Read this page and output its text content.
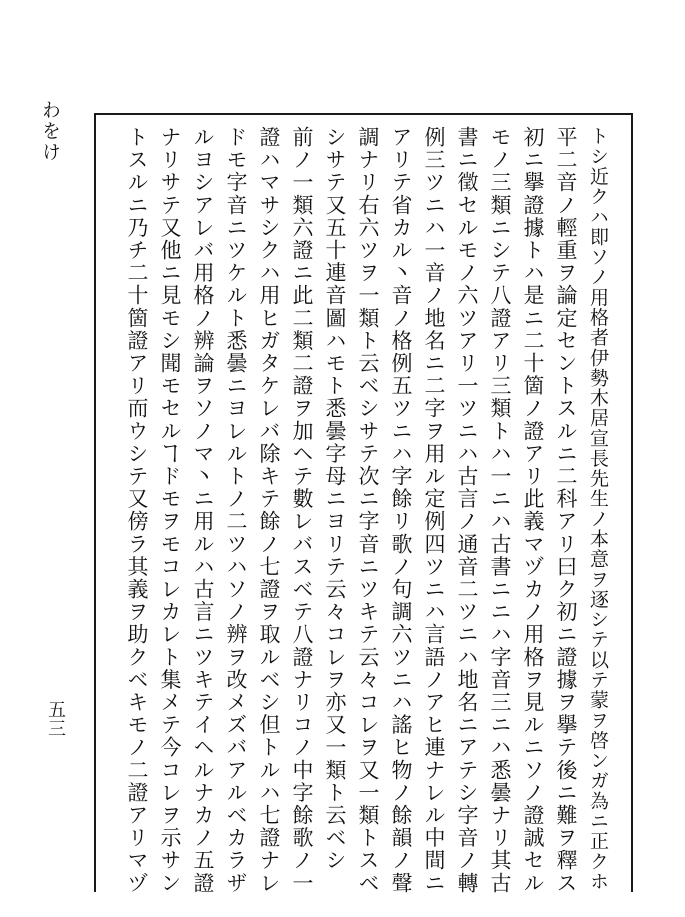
わをけ
五三	トシ近クハ即ソノ用格者伊勢木居宣長先生ノ本意ヲ逐シテ以テ蒙ヲ啓ンガ為ニ正クホ
平二音ノ輕重ヲ論定セントスルニ二科アリ曰ク初ニ證據ヲ擧テ後ニ難ヲ釋ス
初ニ擧證據トハ是ニ二十箇ノ證アリ此義マヅカノ用格ヲ見ルニソノ證誠セル
モノ三類ニシテ八證アリ三類トハ一ニハ古書ニニハ字音三ニハ悉曇ナリ其古
書ニ徵セルモノ六ツアリ一ツニハ古言ノ通音二ツニハ地名ニアテシ字音ノ轉
例三ツニハ一音ノ地名ニ二字ヲ用ル定例四ツニハ言語ノアヒ連ナレル中間ニ
アリテ省カル丶音ノ格例五ツニハ字餘リ歌ノ句調六ツニハ謠ヒ物ノ餘韻ノ聲
調ナリ右六ツヲ一類ト云ベシサテ次ニ字音ニツキテ云々コレヲ又一類トスベ
シサテ又五十連音圖ハモト悉曇字母ニヨリテ云々コレヲ亦又一類ト云ベシ
前ノ一類六證ニ此二類二證ヲ加ヘテ數レバスベテ八證ナリコノ中字餘歌ノ一
證ハマサシクハ用ヒガタケレバ除キテ餘ノ七證ヲ取ルベシ但トルハ七證ナレ
ドモ字音ニツケルト悉曇ニヨレルトノ二ツハソノ辨ヲ改メズバアルベカラザ
ルヨシアレバ用格ノ辨論ヲソノマ丶ニ用ルハ古言ニツキテイヘルナカノ五證
ナリサテ又他ニ見モシ聞モセルヿドモヲモコレカレト集メテ今コレヲ示サン
トスルニ乃チ二十箇證アリ而ウシテ又傍ラ其義ヲ助クベキモノ二證アリマヅ
